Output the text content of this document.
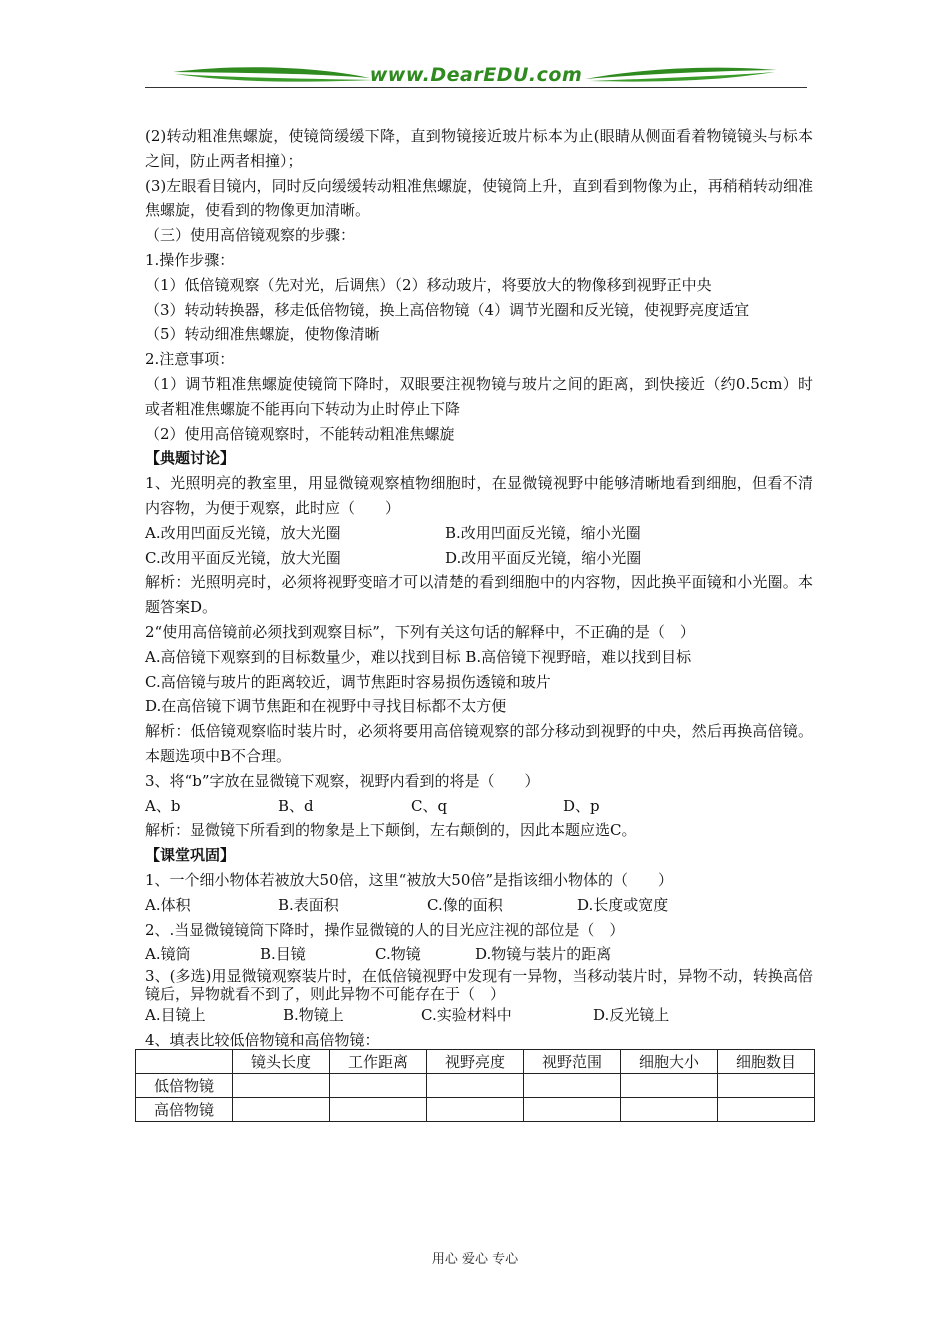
www.DearEDU.com

(2)转动粗准焦螺旋，使镜筒缓缓下降，直到物镜接近玻片标本为止(眼睛从侧面看着物镜镜头与标本之间，防止两者相撞）；

(3)左眼看目镜内，同时反向缓缓转动粗准焦螺旋，使镜筒上升，直到看到物像为止，再稍稍转动细准焦螺旋，使看到的物像更加清晰。

（三）使用高倍镜观察的步骤：

1.操作步骤：

（1）低倍镜观察（先对光，后调焦）（2）移动玻片，将要放大的物像移到视野正中央

（3）转动转换器，移走低倍物镜，换上高倍物镜（4）调节光圈和反光镜，使视野亮度适宜

（5）转动细准焦螺旋，使物像清晰

2.注意事项：

（1）调节粗准焦螺旋使镜筒下降时，双眼要注视物镜与玻片之间的距离，到快接近（约0.5cm）时或者粗准焦螺旋不能再向下转动为止时停止下降

（2）使用高倍镜观察时，不能转动粗准焦螺旋

【典题讨论】

1、光照明亮的教室里，用显微镜观察植物细胞时，在显微镜视野中能够清晰地看到细胞，但看不清内容物，为便于观察，此时应（　　）

A.改用凹面反光镜，放大光圈	B.改用凹面反光镜，缩小光圈

C.改用平面反光镜，放大光圈	D.改用平面反光镜，缩小光圈

解析：光照明亮时，必须将视野变暗才可以清楚的看到细胞中的内容物，因此换平面镜和小光圈。本题答案D。

2“使用高倍镜前必须找到观察目标”，下列有关这句话的解释中，不正确的是（　）

A.高倍镜下观察到的目标数量少，难以找到目标 B.高倍镜下视野暗，难以找到目标

C.高倍镜与玻片的距离较近，调节焦距时容易损伤透镜和玻片

D.在高倍镜下调节焦距和在视野中寻找目标都不太方便

解析：低倍镜观察临时装片时，必须将要用高倍镜观察的部分移动到视野的中央，然后再换高倍镜。本题选项中B不合理。

3、将“b”字放在显微镜下观察，视野内看到的将是（　　）

A、b	B、d	C、q	D、p

解析：显微镜下所看到的物象是上下颠倒，左右颠倒的，因此本题应选C。

【课堂巩固】

1、一个细小物体若被放大50倍，这里“被放大50倍”是指该细小物体的（　　）

A.体积	B.表面积	C.像的面积	D.长度或宽度

2、.当显微镜镜筒下降时，操作显微镜的人的目光应注视的部位是（　）

A.镜筒	B.目镜	C.物镜	D.物镜与装片的距离

3、(多选)用显微镜观察装片时，在低倍镜视野中发现有一异物，当移动装片时，异物不动，转换高倍镜后，异物就看不到了，则此异物不可能存在于（　）

A.目镜上	B.物镜上	C.实验材料中	D.反光镜上

4、填表比较低倍物镜和高倍物镜：

	镜头长度	工作距离	视野亮度	视野范围	细胞大小	细胞数目
低倍物镜						
高倍物镜						
用心 爱心 专心
